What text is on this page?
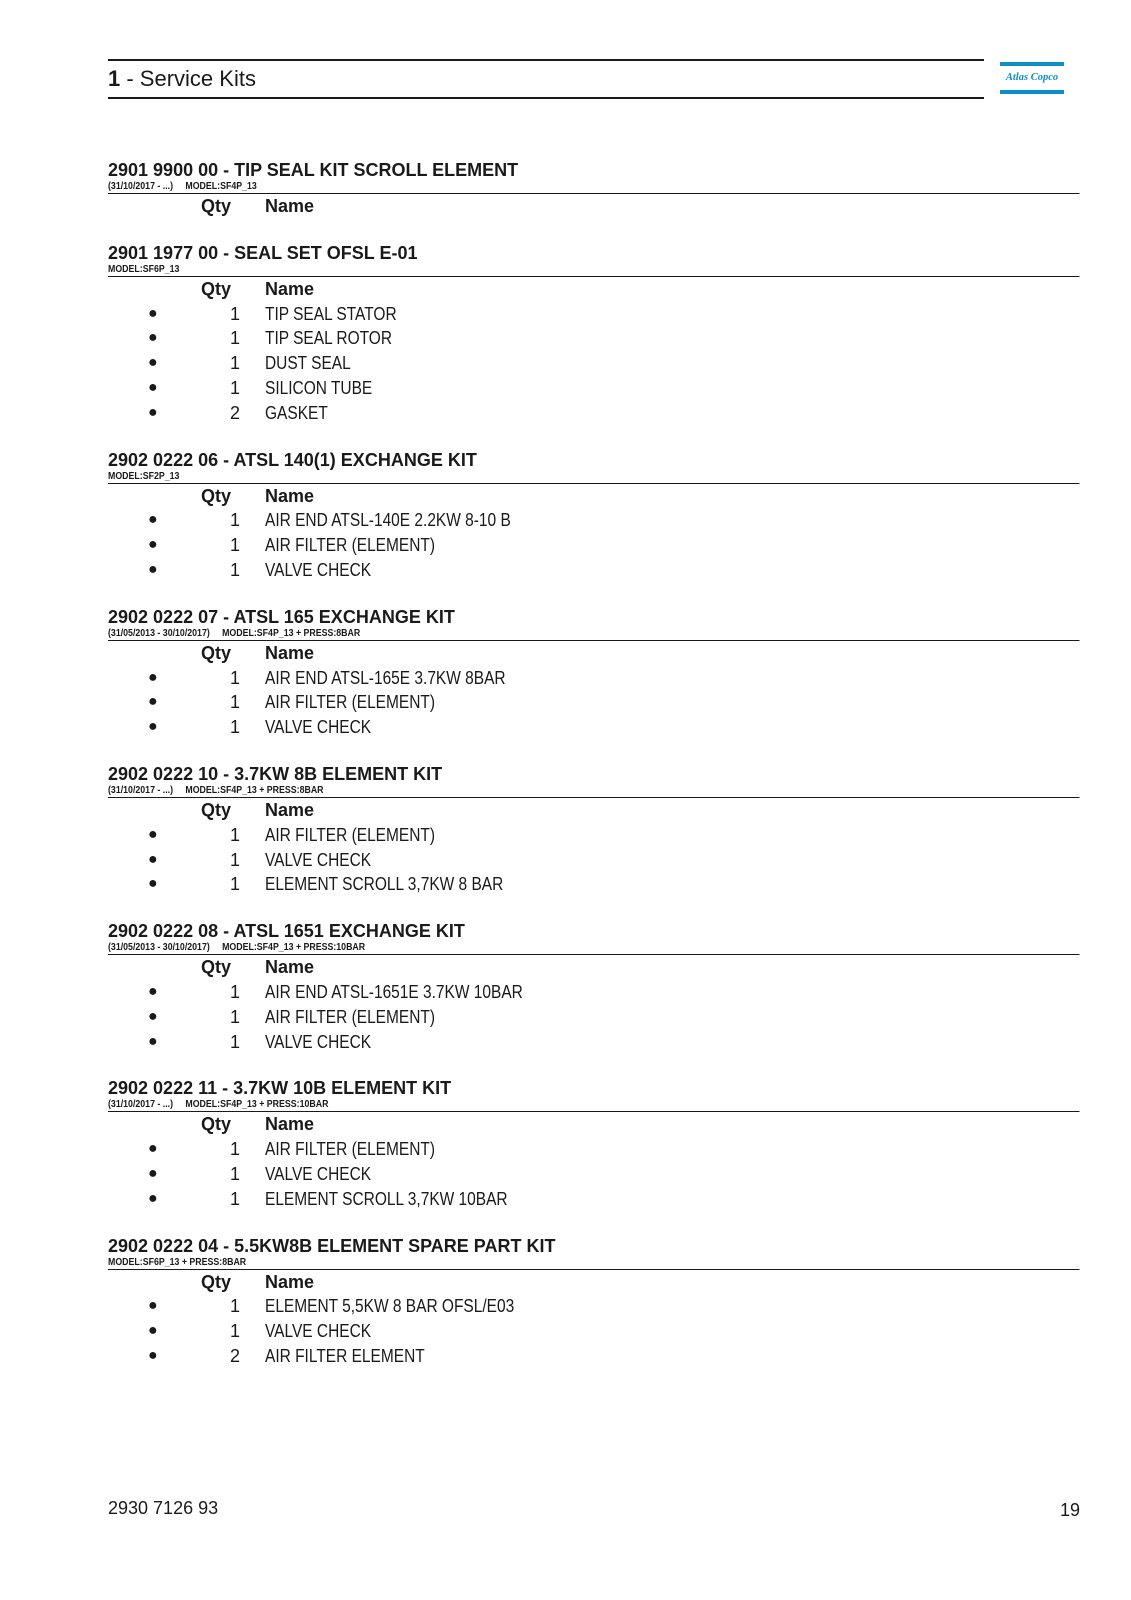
1 - Service Kits	Atlas Copco
2901 9900 00 - TIP SEAL KIT SCROLL ELEMENT
(31/10/2017 - ...) MODEL:SF4P_13
Qty	Name
2901 1977 00 - SEAL SET OFSL E-01
MODEL:SF6P_13
Qty	Name
●	1 TIP SEAL STATOR
●	1 TIP SEAL ROTOR
●	1 DUST SEAL
●	1 SILICON TUBE
●	2 GASKET
2902 0222 06 - ATSL 140(1) EXCHANGE KIT
MODEL:SF2P_13
Qty	Name
●	1 AIR END ATSL-140E 2.2KW 8-10 B
●	1 AIR FILTER (ELEMENT)
●	1 VALVE CHECK
2902 0222 07 - ATSL 165 EXCHANGE KIT
(31/05/2013 - 30/10/2017) MODEL:SF4P_13 + PRESS:8BAR
Qty	Name
●	1 AIR END ATSL-165E 3.7KW 8BAR
●	1 AIR FILTER (ELEMENT)
●	1 VALVE CHECK
2902 0222 10 - 3.7KW 8B ELEMENT KIT
(31/10/2017 - ...) MODEL:SF4P_13 + PRESS:8BAR
Qty	Name
●	1 AIR FILTER (ELEMENT)
●	1 VALVE CHECK
●	1 ELEMENT SCROLL 3,7KW 8 BAR
2902 0222 08 - ATSL 1651 EXCHANGE KIT
(31/05/2013 - 30/10/2017) MODEL:SF4P_13 + PRESS:10BAR
Qty	Name
●	1 AIR END ATSL-1651E 3.7KW 10BAR
●	1 AIR FILTER (ELEMENT)
●	1 VALVE CHECK
2902 0222 11 - 3.7KW 10B ELEMENT KIT
(31/10/2017 - ...) MODEL:SF4P_13 + PRESS:10BAR
Qty	Name
●	1 AIR FILTER (ELEMENT)
●	1 VALVE CHECK
●	1 ELEMENT SCROLL 3,7KW 10BAR
2902 0222 04 - 5.5KW8B ELEMENT SPARE PART KIT
MODEL:SF6P_13 + PRESS:8BAR
Qty	Name
●	1 ELEMENT 5,5KW 8 BAR OFSL/E03
●	1 VALVE CHECK
●	2 AIR FILTER ELEMENT
2930 7126 93	19
